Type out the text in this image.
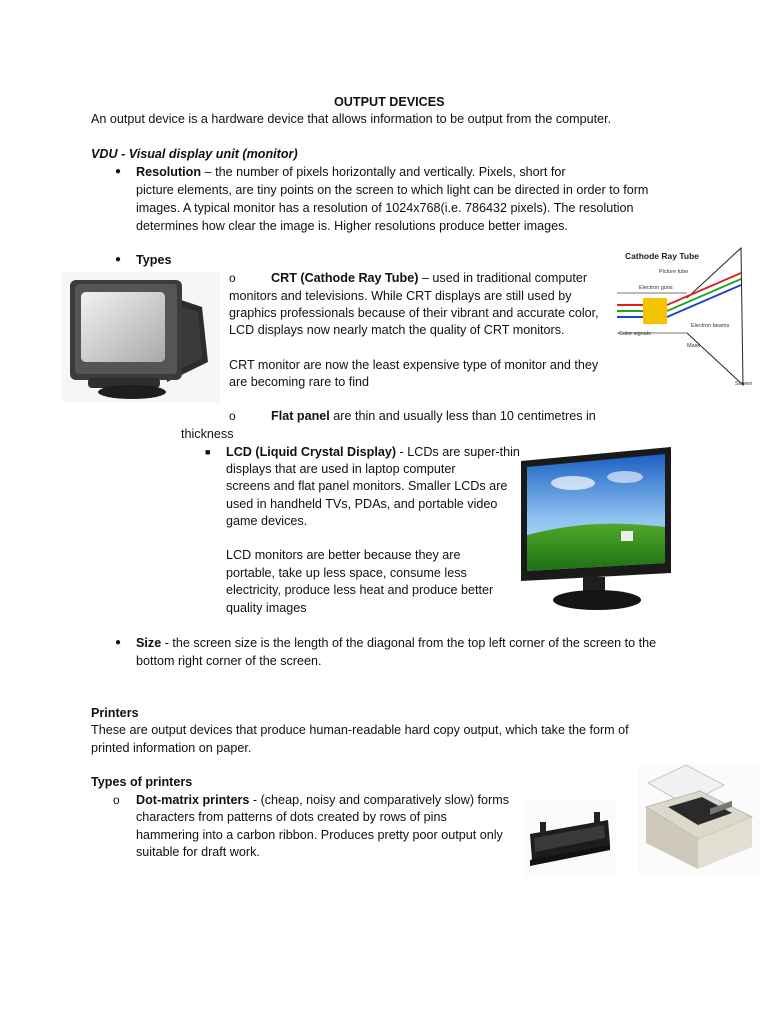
OUTPUT DEVICES
An output device is a hardware device that allows information to be output from the computer.
VDU - Visual display unit (monitor)
● Resolution – the number of pixels horizontally and vertically. Pixels, short for
picture elements, are tiny points on the screen to which light can be directed in order to form
images. A typical monitor has a resolution of 1024x768(i.e. 786432 pixels). The resolution
determines how clear the image is. Higher resolutions produce better images.
● Types	Cathode Ray Tube
Picture tube
Electron guns
Electron beams
Color signals
Mask
Screen
o	CRT (Cathode Ray Tube) – used in traditional computer
monitors and televisions. While CRT displays are still used by
graphics professionals because of their vibrant and accurate color,
LCD displays now nearly match the quality of CRT monitors.
CRT monitor are now the least expensive type of monitor and they
are becoming rare to find
o	Flat panel are thin and usually less than 10 centimetres in
thickness
■ LCD (Liquid Crystal Display) - LCDs are super-thin
displays that are used in laptop computer
screens and flat panel monitors. Smaller LCDs are
used in handheld TVs, PDAs, and portable video
game devices.
LCD monitors are better because they are
portable, take up less space, consume less
electricity, produce less heat and produce better
quality images
● Size - the screen size is the length of the diagonal from the top left corner of the screen to the
bottom right corner of the screen.
Printers
These are output devices that produce human-readable hard copy output, which take the form of
printed information on paper.
Types of printers
o Dot-matrix printers - (cheap, noisy and comparatively slow) forms
characters from patterns of dots created by rows of pins
hammering into a carbon ribbon. Produces pretty poor output only
suitable for draft work.
